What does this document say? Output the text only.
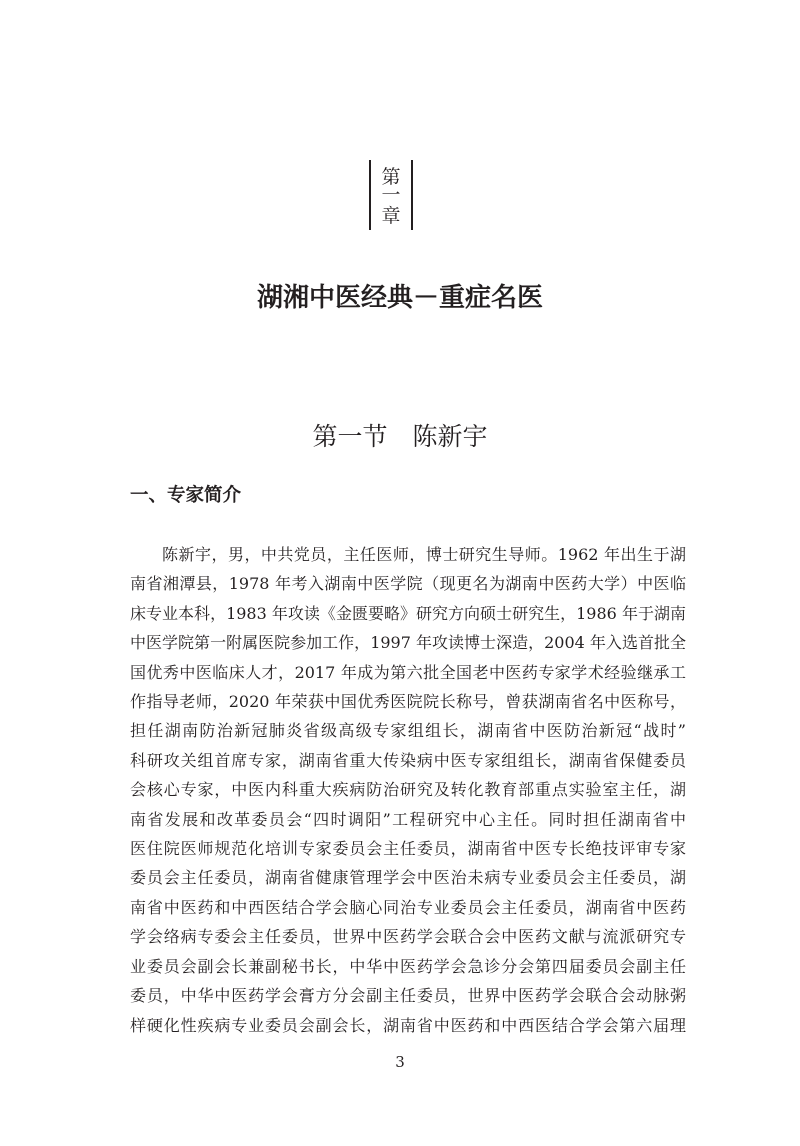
第
一
章
湖湘中医经典－重症名医
第一节　陈新宇
一、专家简介
陈新宇，男，中共党员，主任医师，博士研究生导师。1962 年出生于湖
南省湘潭县，1978 年考入湖南中医学院（现更名为湖南中医药大学）中医临
床专业本科，1983 年攻读《金匮要略》研究方向硕士研究生，1986 年于湖南
中医学院第一附属医院参加工作，1997 年攻读博士深造，2004 年入选首批全
国优秀中医临床人才，2017 年成为第六批全国老中医药专家学术经验继承工
作指导老师，2020 年荣获中国优秀医院院长称号，曾获湖南省名中医称号，
担任湖南防治新冠肺炎省级高级专家组组长，湖南省中医防治新冠“战时”
科研攻关组首席专家，湖南省重大传染病中医专家组组长，湖南省保健委员
会核心专家，中医内科重大疾病防治研究及转化教育部重点实验室主任，湖
南省发展和改革委员会“四时调阳”工程研究中心主任。同时担任湖南省中
医住院医师规范化培训专家委员会主任委员，湖南省中医专长绝技评审专家
委员会主任委员，湖南省健康管理学会中医治未病专业委员会主任委员，湖
南省中医药和中西医结合学会脑心同治专业委员会主任委员，湖南省中医药
学会络病专委会主任委员，世界中医药学会联合会中医药文献与流派研究专
业委员会副会长兼副秘书长，中华中医药学会急诊分会第四届委员会副主任
委员，中华中医药学会膏方分会副主任委员，世界中医药学会联合会动脉粥
样硬化性疾病专业委员会副会长，湖南省中医药和中西医结合学会第六届理
3
